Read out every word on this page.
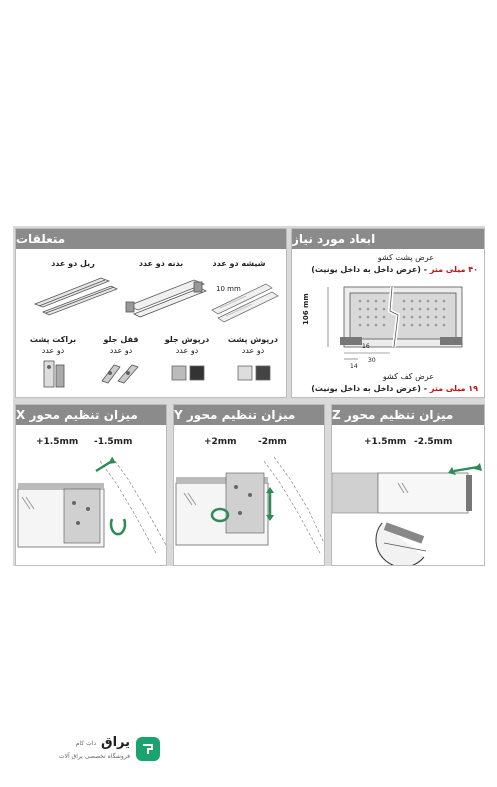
متعلقات
ریل دو عدد	بدنه دو عدد	شیشه دو عدد
10 mm
براکت پشت
دو عدد
قفل جلو
دو عدد
درپوش جلو
دو عدد
درپوش پشت
دو عدد
ابعاد مورد نیاز
عرض پشت کشو
۴۰ میلی متر - (عرض داخل به داخل یونیت)
106 mm
16
30
14
عرض کف کشو
۱۹ میلی متر - (عرض داخل به داخل یونیت)
میزان تنظیم محور X
+1.5mm -1.5mm
میزان تنظیم محور Y
+2mm -2mm
میزان تنظیم محور Z
+1.5mm -2.5mm
یراق
دات کام
فروشگاه تخصصی یراق آلات
